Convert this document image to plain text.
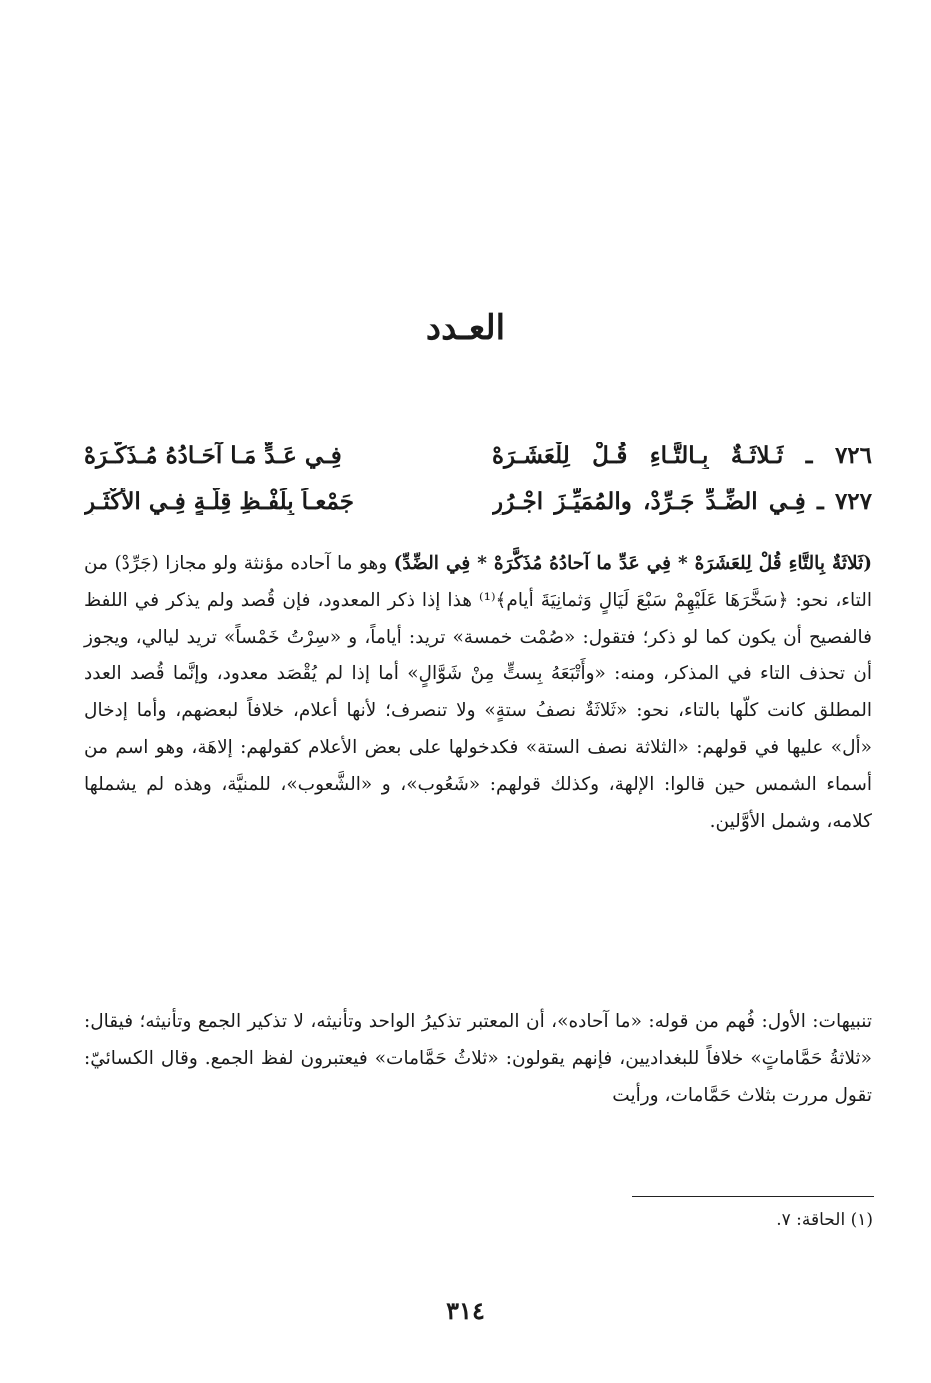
العـدد
٧٢٦ ـ ثَـلاثَـةٌ بِـالتَّـاءِ قُـلْ لِلْعَشَـرَهْ
فِـي عَـدٍّ مَـا آحَـادُهُ مُـذَكَّـرَهْ
٧٢٧ ـ فِـي الضِّـدِّ جَـرِّدْ، والمُمَيِّـزَ اجْـرُرِ
جَمْعـاً بِلَفْـظِ قِلَّـةٍ فِـي الأَكْثَـرِ

(ثَلاثَةٌ بِالتَّاءِ قُلْ لِلعَشَرَهْ * فِي عَدِّ ما آحادُهُ مُذَكَّرَهْ * فِي الضِّدِّ) وهو ما آحاده مؤنثة ولو مجازا (جَرِّدْ) من التاء، نحو: ﴿سَخَّرَهَا عَلَيْهِمْ سَبْعَ لَيَالٍ وَثمانِيَةَ أيام﴾⁽¹⁾ هذا إذا ذكر المعدود، فإن قُصد ولم يذكر في اللفظ فالفصيح أن يكون كما لو ذكر؛ فتقول: «صُمْت خمسة» تريد: أياماً، و «سِرْتُ خَمْساً» تريد ليالي، ويجوز أن تحذف التاء في المذكر، ومنه: «وأَتْبَعَهُ بِستٍّ مِنْ شَوَّالٍ» أما إذا لم يُقْصَد معدود، وإنَّما قُصد العدد المطلق كانت كلّها بالتاء، نحو: «ثَلاثَةٌ نصفُ ستةٍ» ولا تنصرف؛ لأنها أعلام، خلافاً لبعضهم، وأما إدخال «أل» عليها في قولهم: «الثلاثة نصف الستة» فكدخولها على بعض الأعلام كقولهم: إلاهَة، وهو اسم من أسماء الشمس حين قالوا: الإلهة، وكذلك قولهم: «شَعُوب»، و «الشَّعوب»، للمنيَّة، وهذه لم يشملها كلامه، وشمل الأوَّلين.

تنبيهات: الأول: فُهم من قوله: «ما آحاده»، أن المعتبر تذكيرُ الواحد وتأنيثه، لا تذكير الجمع وتأنيثه؛ فيقال: «ثلاثةُ حَمَّاماتٍ» خلافاً للبغداديين، فإنهم يقولون: «ثلاثُ حَمَّامات» فيعتبرون لفظ الجمع. وقال الكسائيّ: تقول مررت بثلاث حَمَّامات، ورأيت

(١) الحاقة: ٧.
٣١٤
